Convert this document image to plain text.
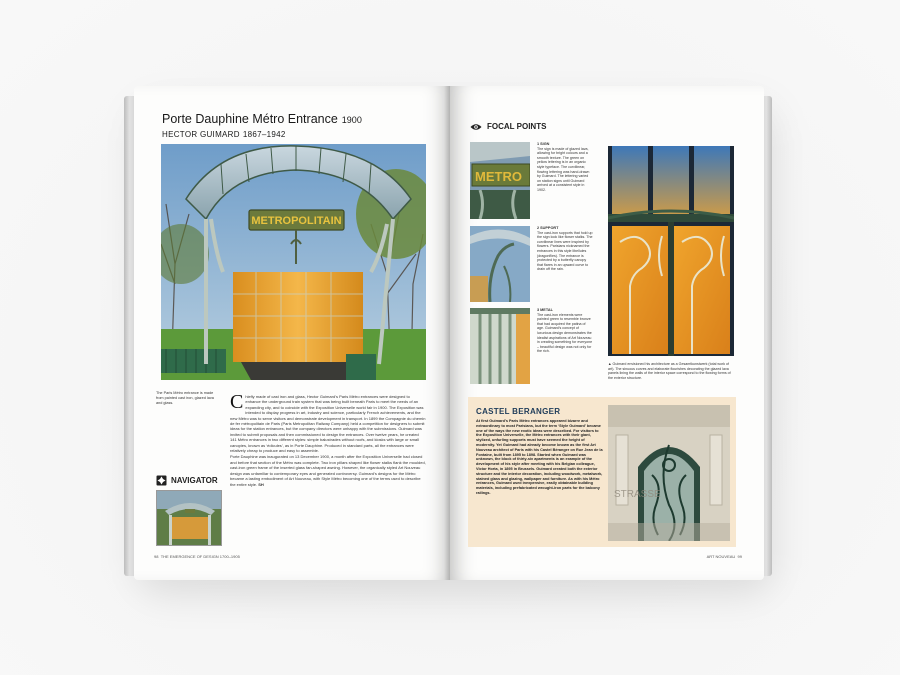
Porte Dauphine Métro Entrance 1900
HECTOR GUIMARD 1867–1942
METROPOLITAIN
The Paris Métro entrance is made from painted cast iron, glazed lava and glass.	C hiefly made of cast iron and glass, Hector Guimard’s Paris Métro entrances were designed to enhance the underground train system that was being built beneath Paris to meet the needs of an expanding city, and to coincide with the Exposition Universelle world fair in 1900. The Exposition was intended to display progress in art, industry and science, particularly French achievements, and the new Métro was to serve visitors and demonstrate development in transport. In 1899 the Compagnie du chemin de fer métropolitain de Paris (Paris Metropolitan Railway Company) held a competition for designers to submit ideas for the station entrances, but the company directors were unhappy with the submissions. Guimard was invited to submit proposals and then commissioned to design the entrances. Over twelve years, he created 141 Métro entrances in two different styles: simple balustrades without roofs, and kiosks with large or small canopies, known as ‘édicules’, as in Porte Dauphine. Produced in standard parts, all the entrances were relatively cheap to produce and easy to assemble.

Porte Dauphine was inaugurated on 13 December 1900, a month after the Exposition Universelle had closed and before that section of the Métro was complete. Two iron pillars shaped like flower stalks flank the moulded, cast-iron green frame of the inserted glass fan-shaped awning. However, the organically styled Art Nouveau design was unfamiliar to contemporary eyes and generated controversy. Guimard’s designs for the Métro became a lasting embodiment of Art Nouveau, with Style Métro becoming one of the terms used to describe the entire style. SH

NAVIGATOR
98 THE EMERGENCE OF DESIGN 1700–1905
FOCAL POINTS
METRO
1 SIGN
The sign is made of glazed lava, allowing for bright colours and a smooth texture. The green on yellow lettering is in an organic style typeface. The curvilinear, flowing lettering was hand-drawn by Guimard. The lettering varied on station signs until Guimard arrived at a consistent style in 1902.
2 SUPPORT
The cast-iron supports that hold up the sign look like flower stalks. The curvilinear lines were inspired by flowers. Parisians nicknamed the entrances in this style libellules (dragonflies). The entrance is protected by a butterfly canopy that flares in an upward curve to drain off the rain.
3 METAL
The cast-iron elements were painted green to resemble bronze that had acquired the patina of age. Guimard’s concept of luxurious design demonstrates the idealist aspirations of Art Nouveau in creating something for everyone – beautiful design was not only for the rich.
▲ Guimard envisioned his architecture as a Gesamtkunstwerk (total work of art). The sinuous curves and elaborate flourishes decorating the glazed lava panels lining the walls of the interior space correspond to the flowing forms of the exterior structure.
CASTEL BERANGER
At first Guimard’s Paris Métro entrances appeared bizarre and extraordinary to most Parisians, but the term ‘Style Guimard’ became one of the ways the new exotic ideas were described. For visitors to the Exposition Universelle, the Métro entrances with their giant, stylized, unfurling supports must have seemed the height of modernity. Yet Guimard had already become known as the first Art Nouveau architect of Paris with his Castel Béranger on Rue Jean de la Fontaine, built from 1895 to 1898. Started when Guimard was unknown, the block of thirty-six apartments is an example of the development of his style after meeting with his Belgian colleague, Victor Horta, in 1895 in Brussels. Guimard created both the exterior structure and the interior decoration, including woodwork, metalwork, stained glass and glazing, wallpaper and furniture. As with his Métro entrances, Guimard used inexpensive, easily obtainable building materials, including prefabricated wrought-iron parts for the balcony railings.	STRASSE
ART NOUVEAU 99
